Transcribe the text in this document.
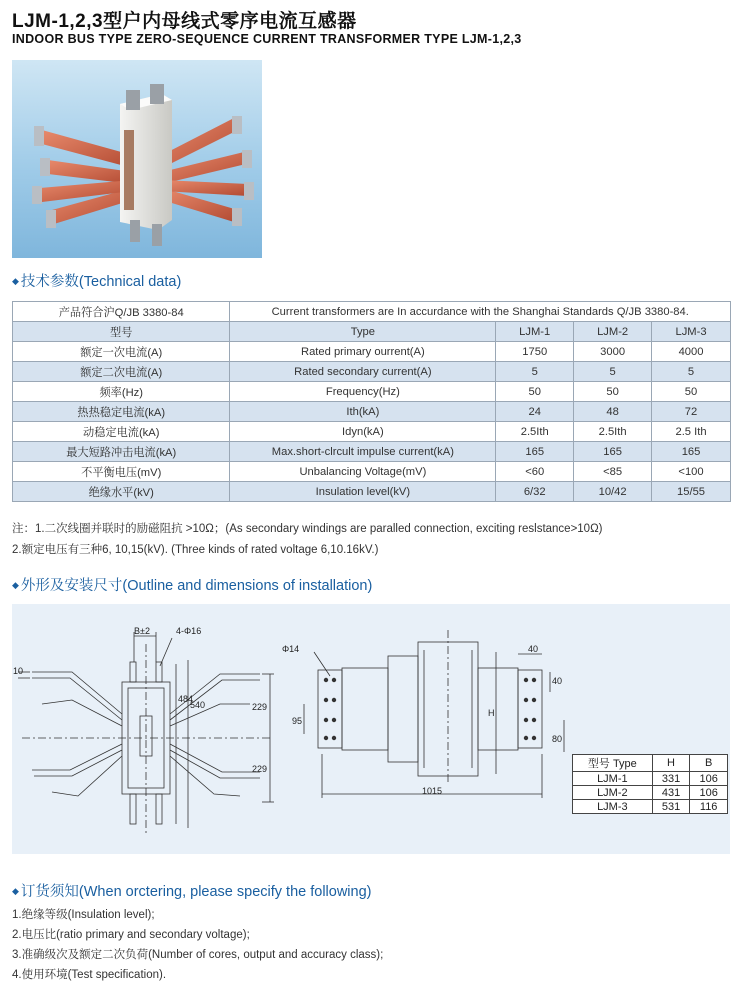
LJM-1,2,3型户内母线式零序电流互感器
INDOOR BUS TYPE ZERO-SEQUENCE CURRENT TRANSFORMER TYPE LJM-1,2,3
◆ 技术参数(Technical data)
产品符合沪Q/JB 3380-84	Current transformers are In accurdance with the Shanghai Standards Q/JB 3380-84.			
型号	Type	LJM-1	LJM-2	LJM-3
额定一次电流(A)	Rated primary ourrent(A)	1750	3000	4000
额定二次电流(A)	Rated secondary current(A)	5	5	5
频率(Hz)	Frequency(Hz)	50	50	50
热热稳定电流(kA)	Ith(kA)	24	48	72
动稳定电流(kA)	Idyn(kA)	2.5Ith	2.5Ith	2.5 Ith
最大短路冲击电流(kA)	Max.short-clrcult impulse current(kA)	165	165	165
不平衡电压(mV)	Unbalancing Voltage(mV)	<60	<85	<100
绝缘水平(kV)	Insulation level(kV)	6/32	10/42	15/55
注：1.二次线圈并联时的励磁阻抗 >10Ω；(As secondary windings are paralled connection, exciting reslstance>10Ω)
2.额定电压有三种6, 10,15(kV). (Three kinds of rated voltage 6,10.16kV.)
◆ 外形及安装尺寸(Outline and dimensions of installation)
B±2	4-Φ16
10
484
540	229
229
Φ14
95
H
1015
40
40
80
型号 Type	H	B
LJM-1	331	106
LJM-2	431	106
LJM-3	531	116
◆ 订货须知(When orctering, please specify the following)
1.绝缘等级(Insulation level);
2.电压比(ratio primary and secondary voltage);
3.准确级次及额定二次负荷(Number of cores, output and accuracy class);
4.使用环境(Test specification).
